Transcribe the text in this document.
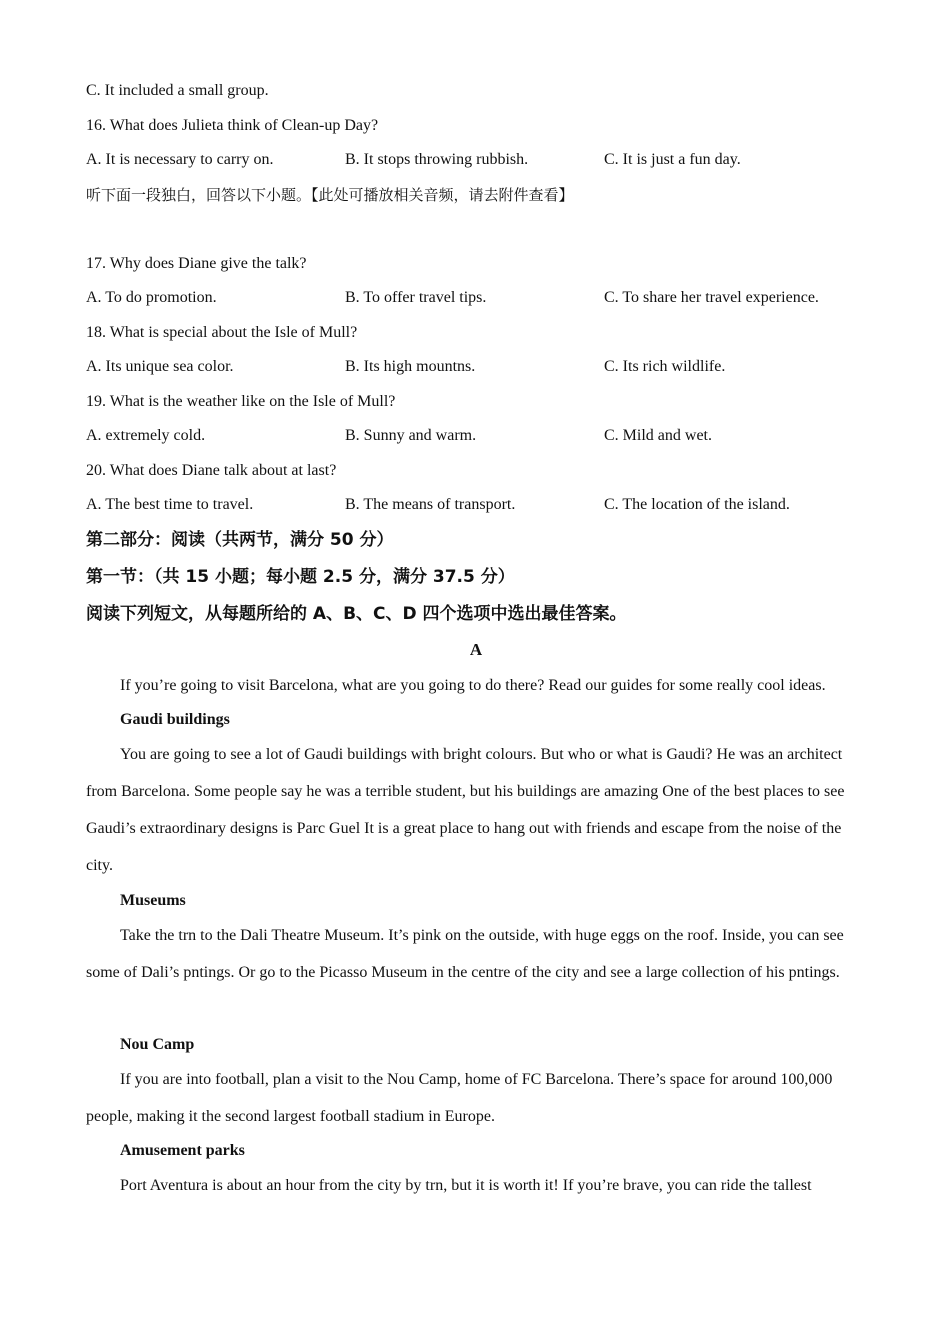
C. It included a small group.
16. What does Julieta think of Clean-up Day?
A. It is necessary to carry on.	B. It stops throwing rubbish.	C. It is just a fun day.
听下面一段独白，回答以下小题。【此处可播放相关音频，请去附件查看】
17. Why does Diane give the talk?
A. To do promotion.	B. To offer travel tips.	C. To share her travel experience.
18. What is special about the Isle of Mull?
A. Its unique sea color.	B. Its high mountns.	C. Its rich wildlife.
19. What is the weather like on the Isle of Mull?
A. extremely cold.	B. Sunny and warm.	C. Mild and wet.
20. What does Diane talk about at last?
A. The best time to travel.	B. The means of transport.	C. The location of the island.
第二部分：阅读（共两节，满分 50 分）
第一节：（共 15 小题；每小题 2.5 分，满分 37.5 分）
阅读下列短文，从每题所给的 A、B、C、D 四个选项中选出最佳答案。
A
If you’re going to visit Barcelona, what are you going to do there? Read our guides for some really cool ideas.
Gaudi buildings
You are going to see a lot of Gaudi buildings with bright colours. But who or what is Gaudi? He was an architect from Barcelona. Some people say he was a terrible student, but his buildings are amazing One of the best places to see Gaudi’s extraordinary designs is Parc Guel It is a great place to hang out with friends and escape from the noise of the city.
Museums
Take the trn to the Dali Theatre Museum. It’s pink on the outside, with huge eggs on the roof. Inside, you can see some of Dali’s pntings. Or go to the Picasso Museum in the centre of the city and see a large collection of his pntings.
Nou Camp
If you are into football, plan a visit to the Nou Camp, home of FC Barcelona. There’s space for around 100,000 people, making it the second largest football stadium in Europe.
Amusement parks
Port Aventura is about an hour from the city by trn, but it is worth it! If you’re brave, you can ride the tallest
